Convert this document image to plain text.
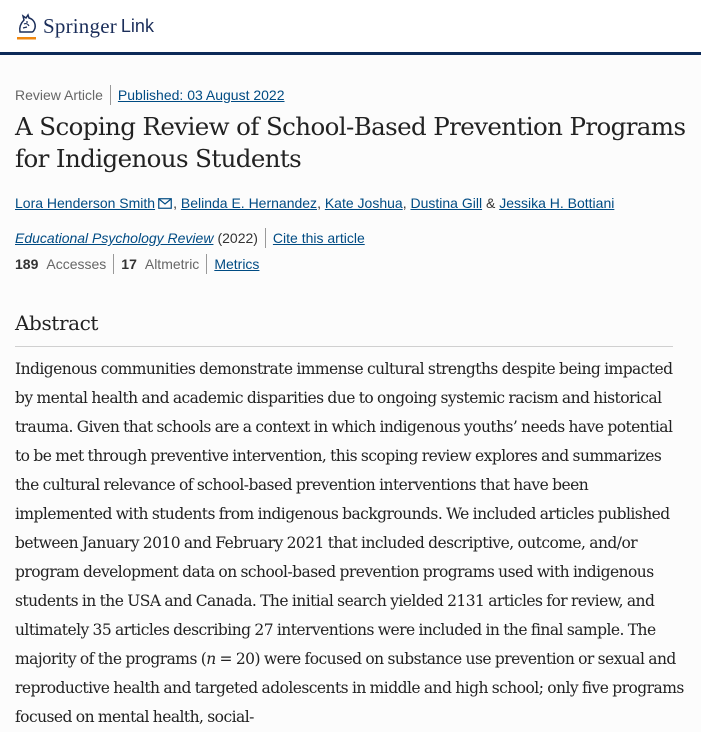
Springer Link
Review Article Published: 03 August 2022
A Scoping Review of School-Based Prevention Programs for Indigenous Students
Lora Henderson Smith , Belinda E. Hernandez, Kate Joshua, Dustina Gill & Jessika H. Bottiani
Educational Psychology Review (2022) Cite this article
189 Accesses 17 Altmetric Metrics
Abstract

Indigenous communities demonstrate immense cultural strengths despite being impacted by mental health and academic disparities due to ongoing systemic racism and historical trauma. Given that schools are a context in which indigenous youths’ needs have potential to be met through preventive intervention, this scoping review explores and summarizes the cultural relevance of school-based prevention interventions that have been implemented with students from indigenous backgrounds. We included articles published between January 2010 and February 2021 that included descriptive, outcome, and/or program development data on school-based prevention programs used with indigenous students in the USA and Canada. The initial search yielded 2131 articles for review, and ultimately 35 articles describing 27 interventions were included in the final sample. The majority of the programs (n = 20) were focused on substance use prevention or sexual and reproductive health and targeted adolescents in middle and high school; only five programs focused on mental health, social-
